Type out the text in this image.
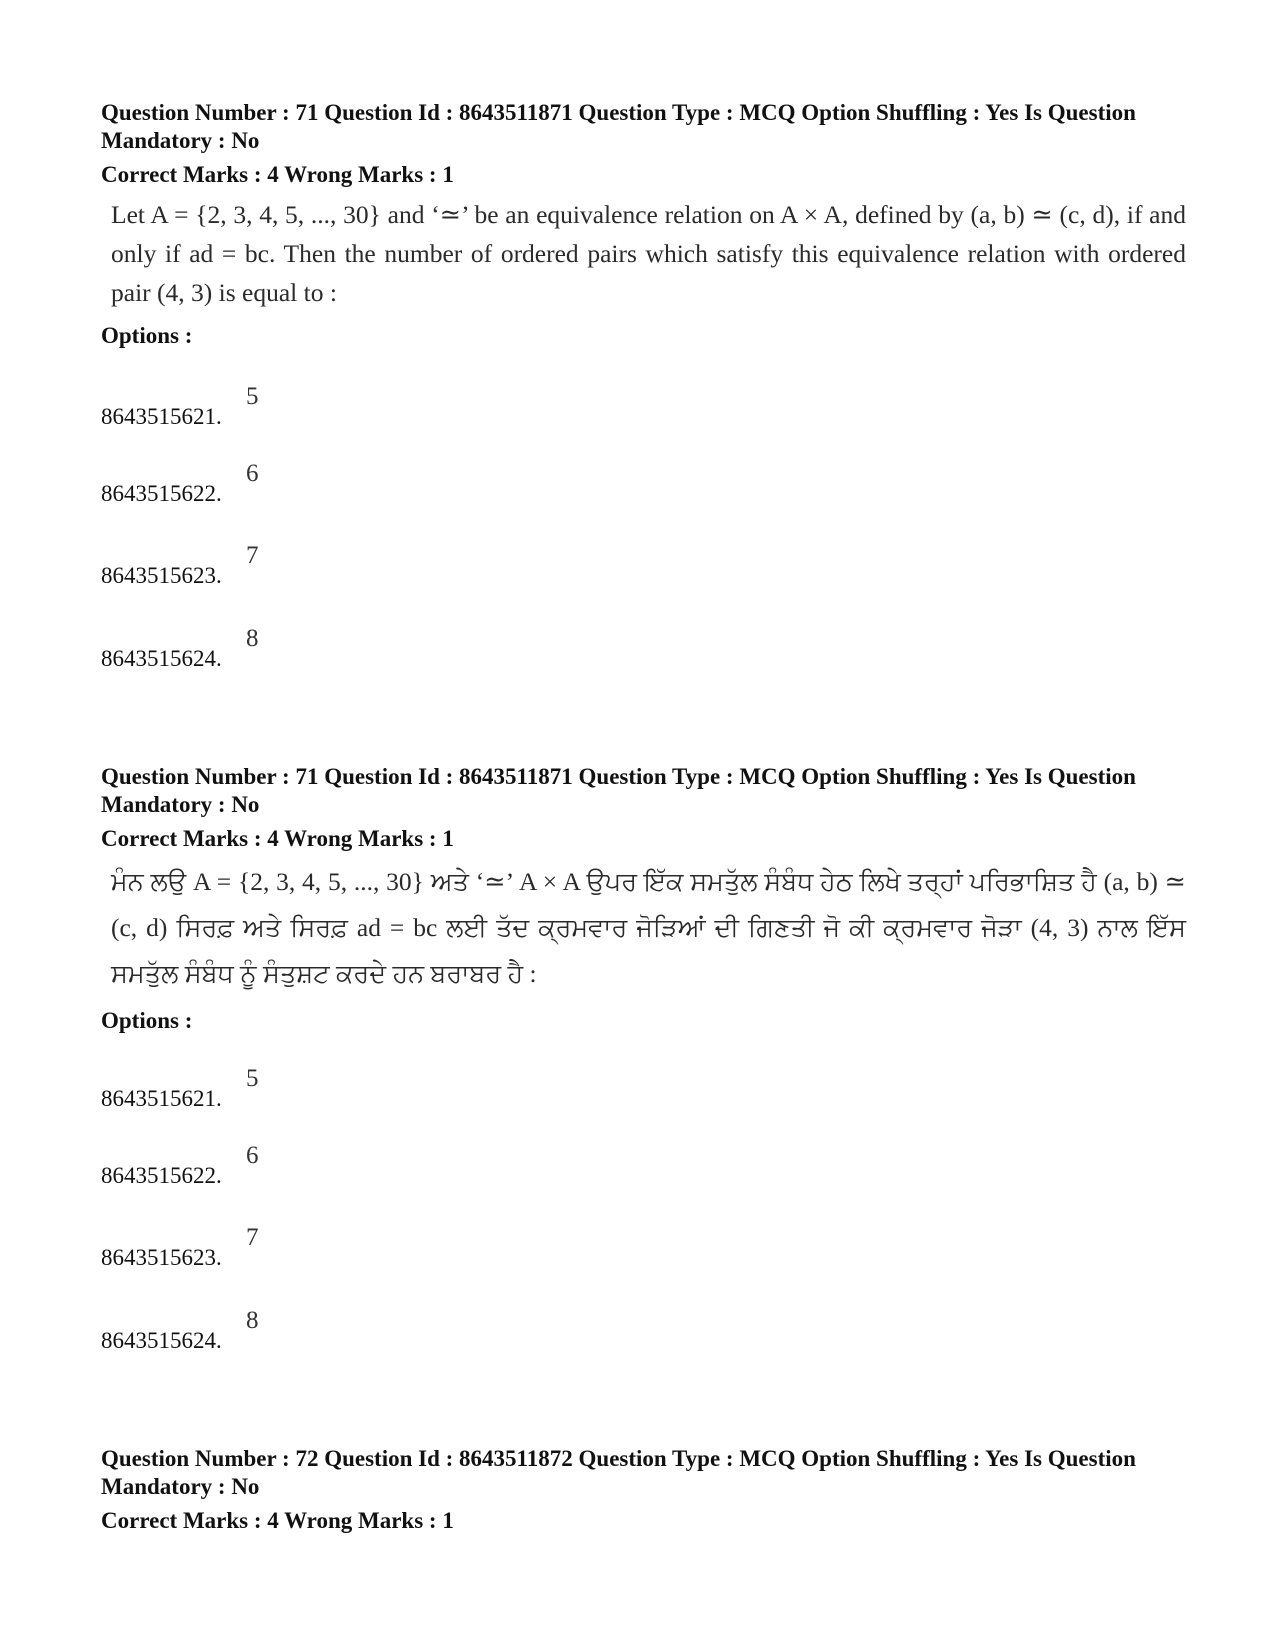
Question Number : 71 Question Id : 8643511871 Question Type : MCQ Option Shuffling : Yes Is Question Mandatory : No
Correct Marks : 4 Wrong Marks : 1
Let A = {2, 3, 4, 5, ..., 30} and ‘≃’ be an equivalence relation on A × A, defined by (a, b) ≃ (c, d), if and only if ad = bc. Then the number of ordered pairs which satisfy this equivalence relation with ordered pair (4, 3) is equal to :
Options :
8643515621.
5
8643515622.
6
8643515623.
7
8643515624.
8
Question Number : 71 Question Id : 8643511871 Question Type : MCQ Option Shuffling : Yes Is Question Mandatory : No
Correct Marks : 4 Wrong Marks : 1
ਮੰਨ ਲਉ A = {2, 3, 4, 5, ..., 30} ਅਤੇ ‘≃’ A × A ਉਪਰ ਇੱਕ ਸਮਤੁੱਲ ਸੰਬੰਧ ਹੇਠ ਲਿਖੇ ਤਰ੍ਹਾਂ ਪਰਿਭਾਸ਼ਿਤ ਹੈ (a, b) ≃ (c, d) ਸਿਰਫ਼ ਅਤੇ ਸਿਰਫ਼ ad = bc ਲਈ ਤੱਦ ਕ੍ਰਮਵਾਰ ਜੋੜਿਆਂ ਦੀ ਗਿਣਤੀ ਜੋ ਕੀ ਕ੍ਰਮਵਾਰ ਜੋੜਾ (4, 3) ਨਾਲ ਇੱਸ ਸਮਤੁੱਲ ਸੰਬੰਧ ਨੂੰ ਸੰਤੁਸ਼ਟ ਕਰਦੇ ਹਨ ਬਰਾਬਰ ਹੈ :
Options :
8643515621.
5
8643515622.
6
8643515623.
7
8643515624.
8
Question Number : 72 Question Id : 8643511872 Question Type : MCQ Option Shuffling : Yes Is Question Mandatory : No
Correct Marks : 4 Wrong Marks : 1
